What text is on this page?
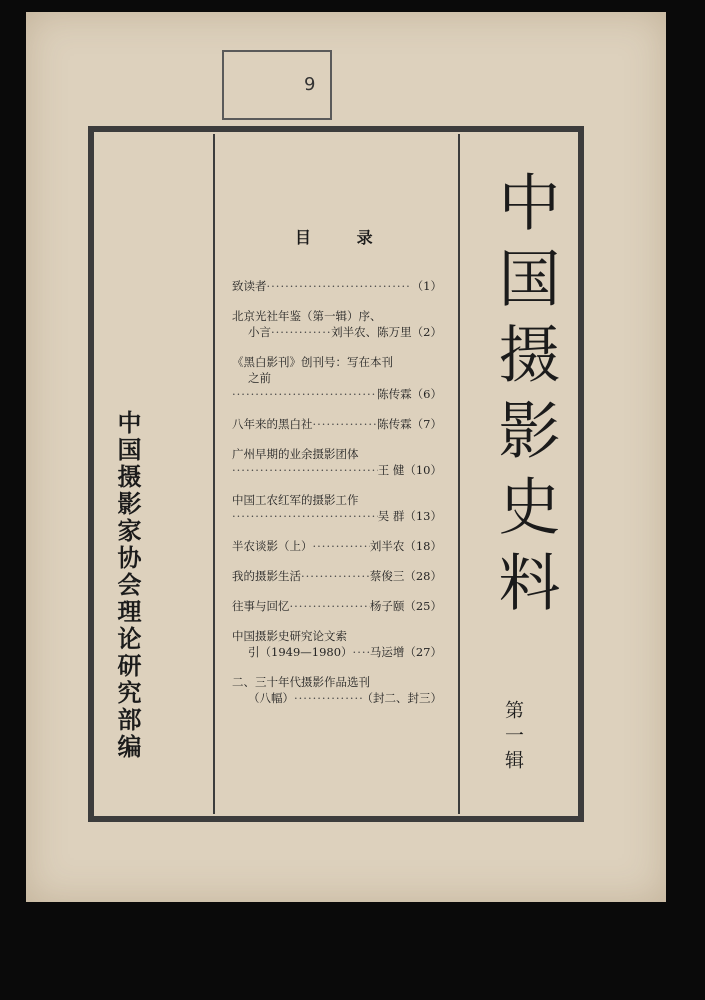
9
中国摄影家协会理论研究部编	中国摄影史料
第一辑
目 录
致读者 ·····	（1）
北京光社年鉴（第一辑）序、
小言 ·····	刘半农、陈万里 （2）
《黑白影刊》创刊号：写在本刊
之前
·····
陈传霖 （6）
八年来的黑白社 ·····	陈传霖 （7）
广州早期的业余摄影团体
·····
王 健 （10）
中国工农红军的摄影工作
·····
吴 群 （13）
半农谈影（上） ·····	刘半农 （18）
我的摄影生活 ·····	蔡俊三 （28）
往事与回忆 ·····	杨子颐 （25）
中国摄影史研究论文索
引（1949—1980） ····· 马运增 （27）
二、三十年代摄影作品选刊
（八幅） ·····	（封二、封三）
